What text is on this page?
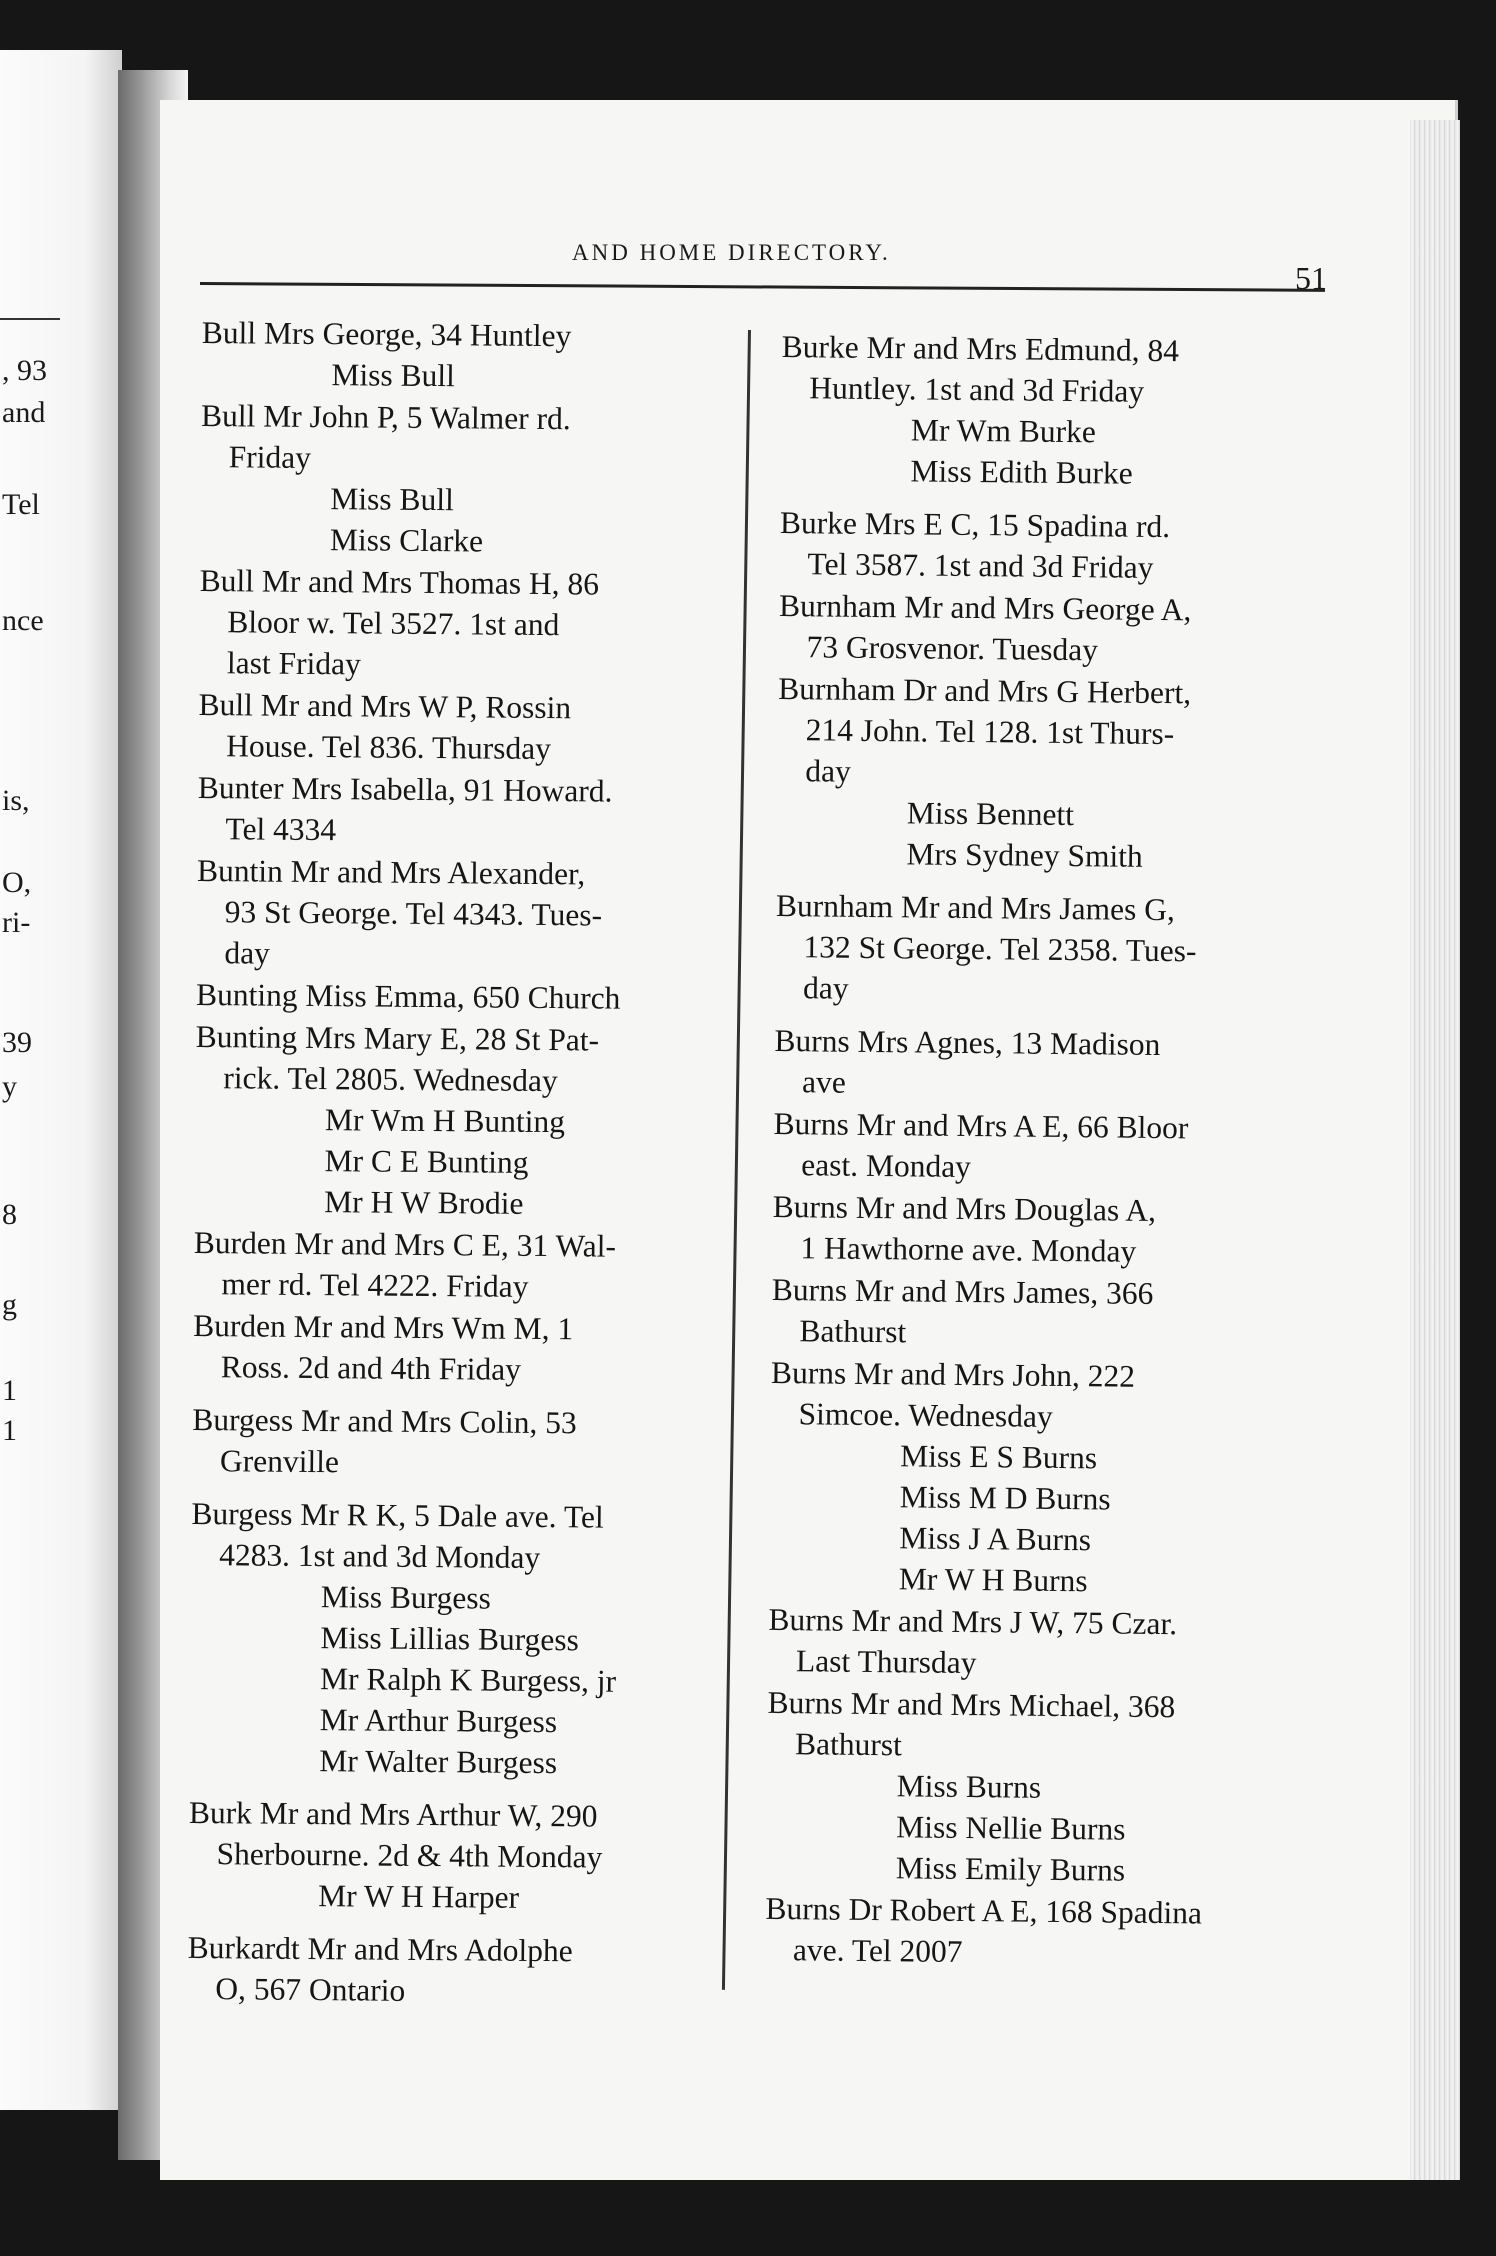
, 93
and
Tel
nce
is,
O,
ri-
39
y
8
g
1
1
AND HOME DIRECTORY.
51
Bull Mrs George, 34 Huntley
Miss Bull
Bull Mr John P, 5 Walmer rd.
Friday
Miss Bull
Miss Clarke
Bull Mr and Mrs Thomas H, 86
Bloor w. Tel 3527. 1st and
last Friday
Bull Mr and Mrs W P, Rossin
House. Tel 836. Thursday
Bunter Mrs Isabella, 91 Howard.
Tel 4334
Buntin Mr and Mrs Alexander,
93 St George. Tel 4343. Tues-
day
Bunting Miss Emma, 650 Church
Bunting Mrs Mary E, 28 St Pat-
rick. Tel 2805. Wednesday
Mr Wm H Bunting
Mr C E Bunting
Mr H W Brodie
Burden Mr and Mrs C E, 31 Wal-
mer rd. Tel 4222. Friday
Burden Mr and Mrs Wm M, 1
Ross. 2d and 4th Friday
Burgess Mr and Mrs Colin, 53
Grenville
Burgess Mr R K, 5 Dale ave. Tel
4283. 1st and 3d Monday
Miss Burgess
Miss Lillias Burgess
Mr Ralph K Burgess, jr
Mr Arthur Burgess
Mr Walter Burgess
Burk Mr and Mrs Arthur W, 290
Sherbourne. 2d & 4th Monday
Mr W H Harper
Burkardt Mr and Mrs Adolphe
O, 567 Ontario
Burke Mr and Mrs Edmund, 84
Huntley. 1st and 3d Friday
Mr Wm Burke
Miss Edith Burke
Burke Mrs E C, 15 Spadina rd.
Tel 3587. 1st and 3d Friday
Burnham Mr and Mrs George A,
73 Grosvenor. Tuesday
Burnham Dr and Mrs G Herbert,
214 John. Tel 128. 1st Thurs-
day
Miss Bennett
Mrs Sydney Smith
Burnham Mr and Mrs James G,
132 St George. Tel 2358. Tues-
day
Burns Mrs Agnes, 13 Madison
ave
Burns Mr and Mrs A E, 66 Bloor
east. Monday
Burns Mr and Mrs Douglas A,
1 Hawthorne ave. Monday
Burns Mr and Mrs James, 366
Bathurst
Burns Mr and Mrs John, 222
Simcoe. Wednesday
Miss E S Burns
Miss M D Burns
Miss J A Burns
Mr W H Burns
Burns Mr and Mrs J W, 75 Czar.
Last Thursday
Burns Mr and Mrs Michael, 368
Bathurst
Miss Burns
Miss Nellie Burns
Miss Emily Burns
Burns Dr Robert A E, 168 Spadina
ave. Tel 2007
